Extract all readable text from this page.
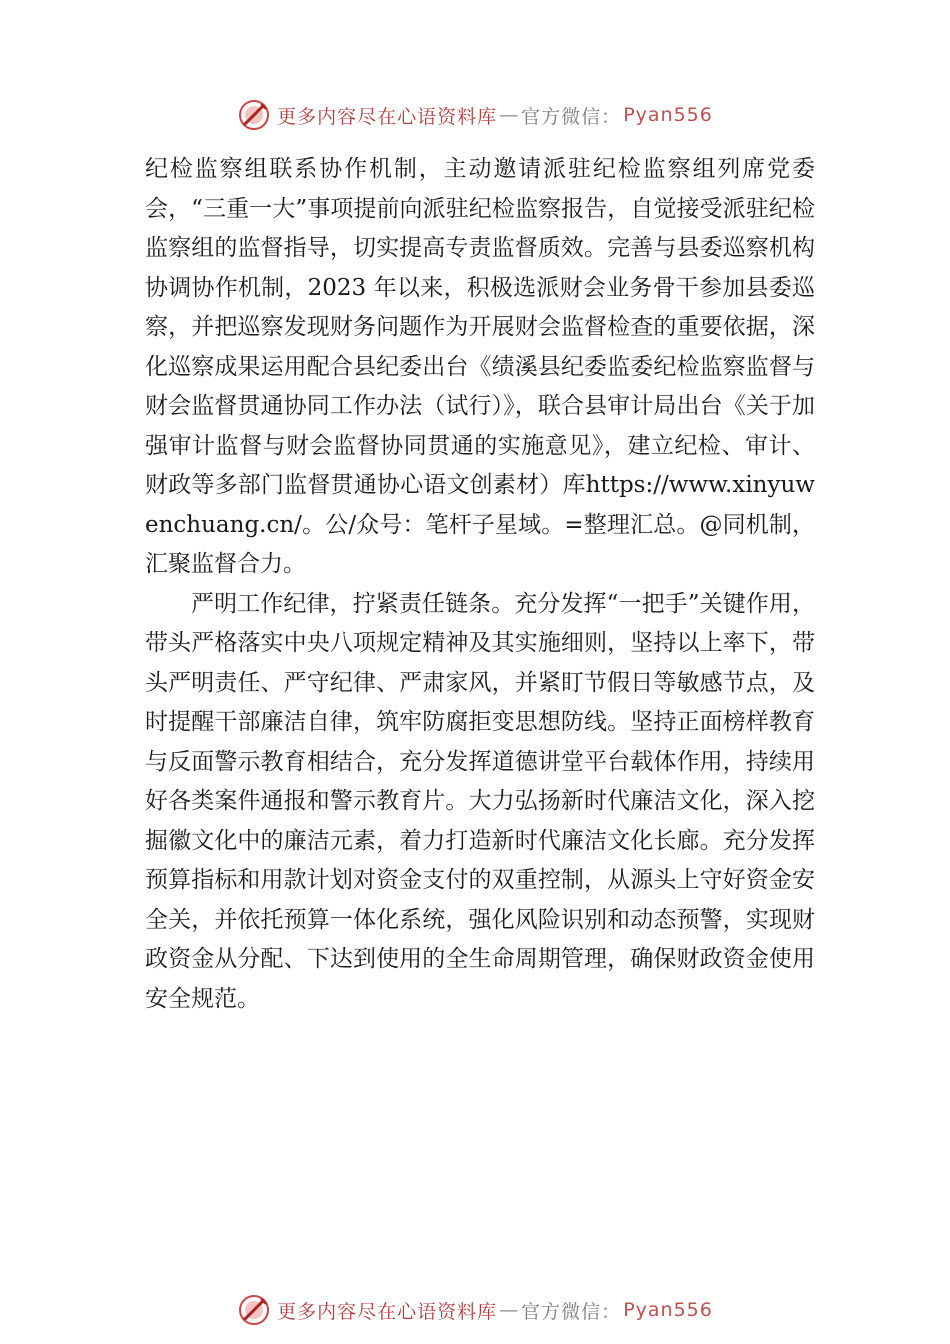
更多内容尽在心语资料库 — 官方微信： Pyan556

纪检监察组联系协作机制，主动邀请派驻纪检监察组列席党委会，“三重一大”事项提前向派驻纪检监察报告，自觉接受派驻纪检监察组的监督指导，切实提高专责监督质效。完善与县委巡察机构协调协作机制，2023 年以来，积极选派财会业务骨干参加县委巡察，并把巡察发现财务问题作为开展财会监督检查的重要依据，深化巡察成果运用配合县纪委出台《绩溪县纪委监委纪检监察监督与财会监督贯通协同工作办法（试行）》，联合县审计局出台《关于加强审计监督与财会监督协同贯通的实施意见》，建立纪检、审计、财政等多部门监督贯通协心语文创素材）库https://www.xinyuwenchuang.cn/。公/众号：笔杆子星域。=整理汇总。@同机制，汇聚监督合力。

严明工作纪律，拧紧责任链条。充分发挥“一把手”关键作用，带头严格落实中央八项规定精神及其实施细则，坚持以上率下，带头严明责任、严守纪律、严肃家风，并紧盯节假日等敏感节点，及时提醒干部廉洁自律，筑牢防腐拒变思想防线。坚持正面榜样教育与反面警示教育相结合，充分发挥道德讲堂平台载体作用，持续用好各类案件通报和警示教育片。大力弘扬新时代廉洁文化，深入挖掘徽文化中的廉洁元素，着力打造新时代廉洁文化长廊。充分发挥预算指标和用款计划对资金支付的双重控制，从源头上守好资金安全关，并依托预算一体化系统，强化风险识别和动态预警，实现财政资金从分配、下达到使用的全生命周期管理，确保财政资金使用安全规范。

更多内容尽在心语资料库 — 官方微信： Pyan556
